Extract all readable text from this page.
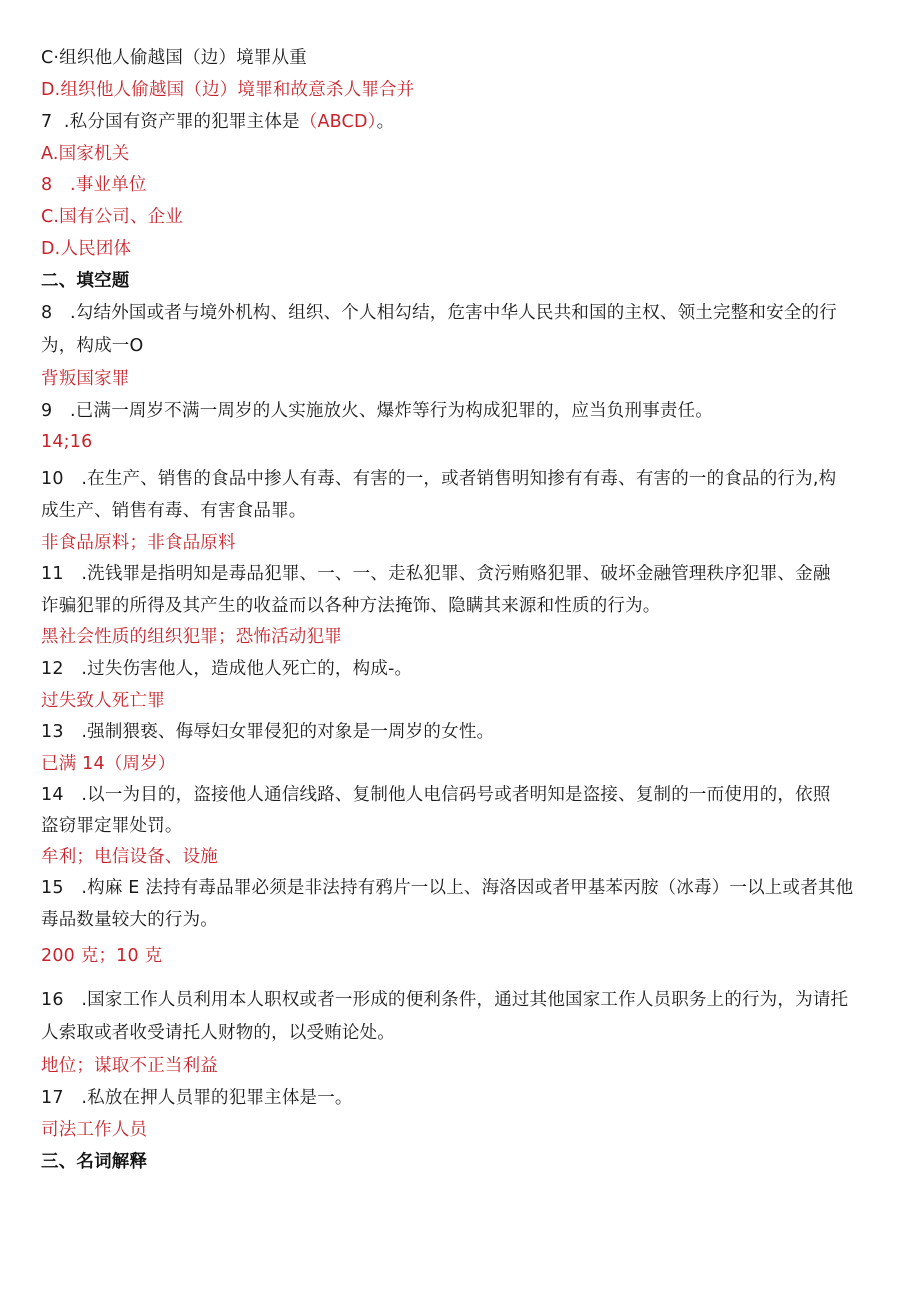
C·组织他人偷越国（边）境罪从重
D.组织他人偷越国（边）境罪和故意杀人罪合并
7 .私分国有资产罪的犯罪主体是（ABCD）。
A.国家机关
8　.事业单位
C.国有公司、企业
D.人民团体
二、填空题
8　.勾结外国或者与境外机构、组织、个人相勾结，危害中华人民共和国的主权、领土完整和安全的行
为，构成一O
背叛国家罪
9　.已满一周岁不满一周岁的人实施放火、爆炸等行为构成犯罪的，应当负刑事责任。
14;16
10　.在生产、销售的食品中掺人有毒、有害的一，或者销售明知掺有有毒、有害的一的食品的行为,构
成生产、销售有毒、有害食品罪。
非食品原料；非食品原料
11　.洗钱罪是指明知是毒品犯罪、一、一、走私犯罪、贪污贿赂犯罪、破坏金融管理秩序犯罪、金融
诈骗犯罪的所得及其产生的收益而以各种方法掩饰、隐瞒其来源和性质的行为。
黑社会性质的组织犯罪；恐怖活动犯罪
12　.过失伤害他人，造成他人死亡的，构成-。
过失致人死亡罪
13　.强制猥亵、侮辱妇女罪侵犯的对象是一周岁的女性。
已满 14（周岁）
14　.以一为目的，盗接他人通信线路、复制他人电信码号或者明知是盗接、复制的一而使用的，依照
盗窃罪定罪处罚。
牟利；电信设备、设施
15　.构麻 E 法持有毒品罪必须是非法持有鸦片一以上、海洛因或者甲基苯丙胺（冰毒）一以上或者其他
毒品数量较大的行为。
200 克；10 克
16　.国家工作人员利用本人职权或者一形成的便利条件，通过其他国家工作人员职务上的行为，为请托
人索取或者收受请托人财物的，以受贿论处。
地位；谋取不正当利益
17　.私放在押人员罪的犯罪主体是一。
司法工作人员
三、名词解释
